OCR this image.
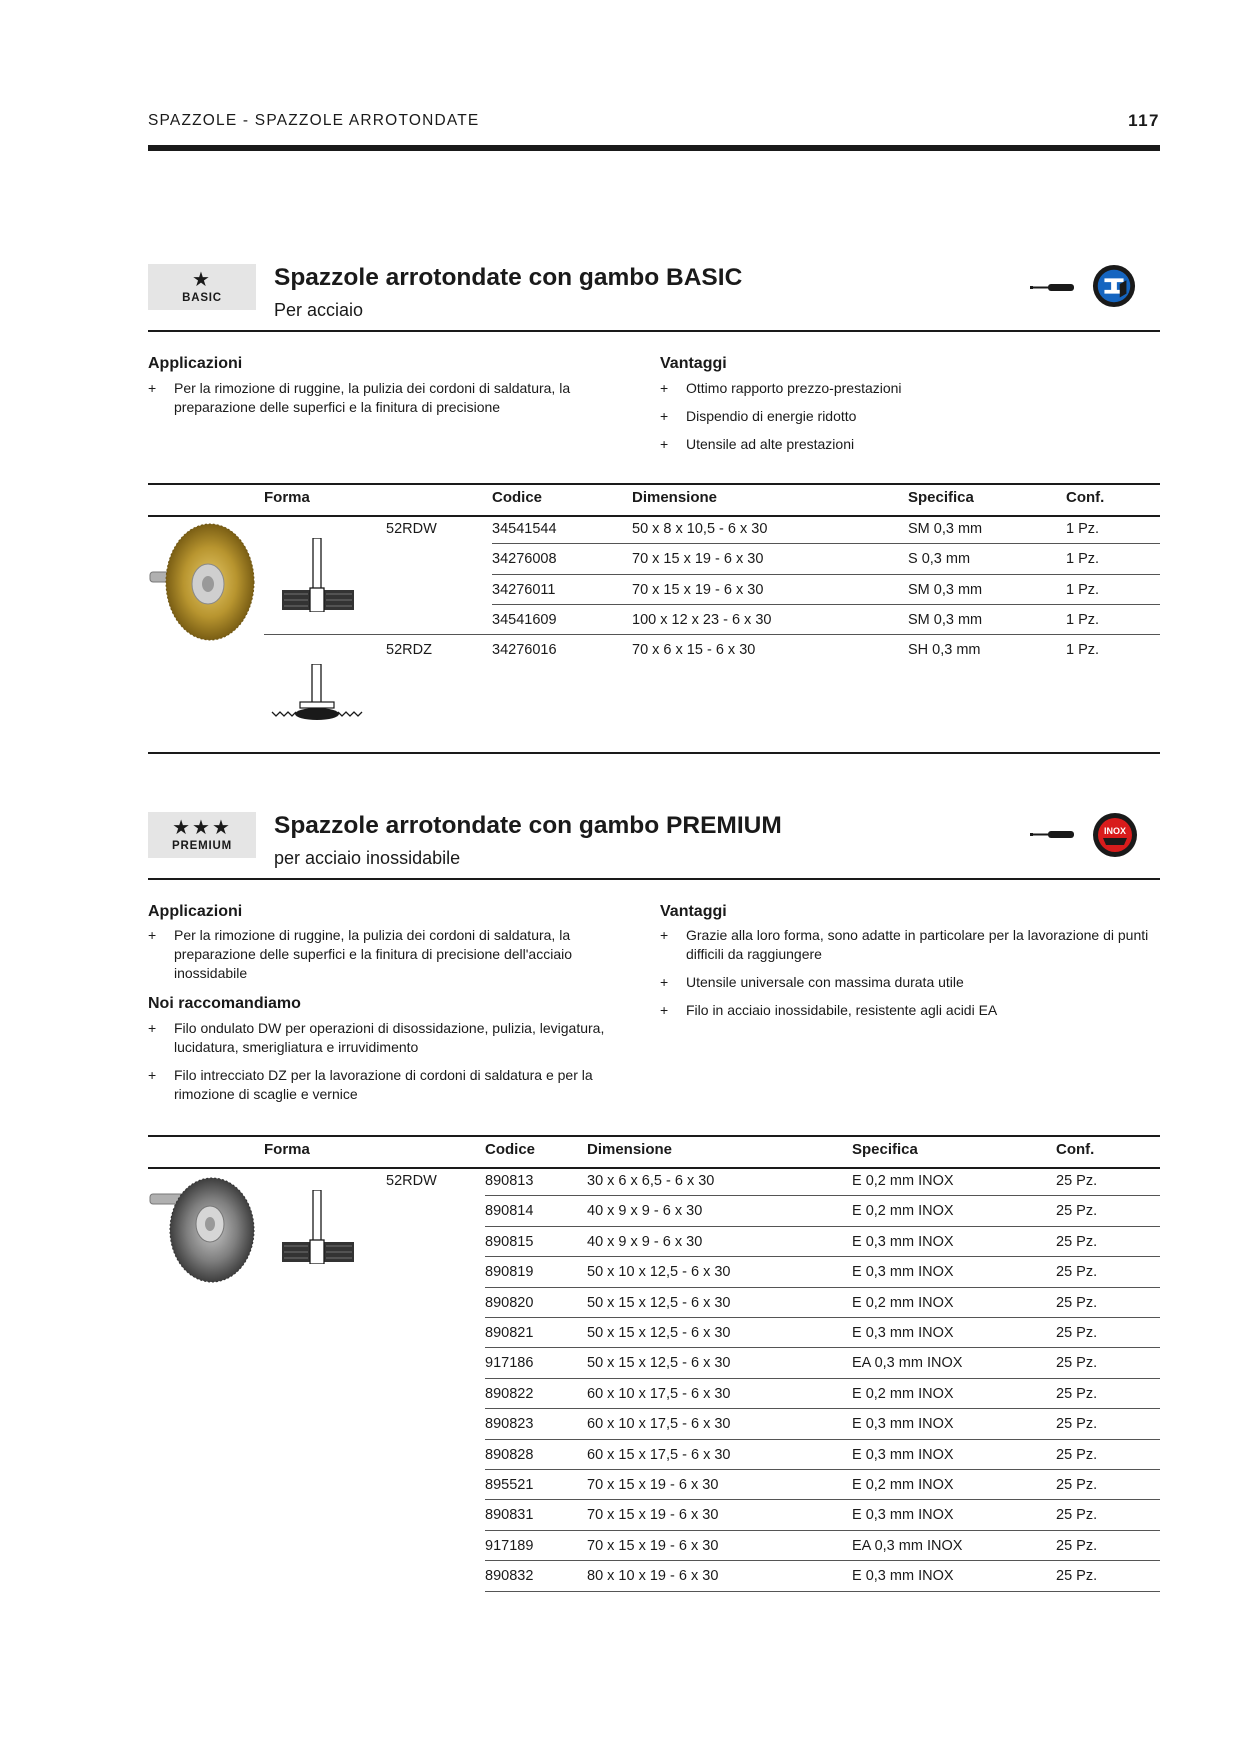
SPAZZOLE - SPAZZOLE ARROTONDATE	117
★
BASIC
Spazzole arrotondate con gambo BASIC
Per acciaio
Applicazioni
+ Per la rimozione di ruggine, la pulizia dei cordoni di saldatura, la preparazione delle superfici e la finitura di precisione
Vantaggi
+ Ottimo rapporto prezzo-prestazioni
+ Dispendio di energie ridotto
+ Utensile ad alte prestazioni
Forma	Codice	Dimensione	Specifica	Conf.
52RDW	34541544	50 x 8 x 10,5 - 6 x 30	SM 0,3 mm	1 Pz.
34276008	70 x 15 x 19 - 6 x 30	S 0,3 mm	1 Pz.
34276011	70 x 15 x 19 - 6 x 30	SM 0,3 mm	1 Pz.
34541609	100 x 12 x 23 - 6 x 30	SM 0,3 mm	1 Pz.
52RDZ	34276016	70 x 6 x 15 - 6 x 30	SH 0,3 mm	1 Pz.
★★★
PREMIUM
Spazzole arrotondate con gambo PREMIUM
per acciaio inossidabile
INOX
Applicazioni
+ Per la rimozione di ruggine, la pulizia dei cordoni di saldatura, la preparazione delle superfici e la finitura di precisione dell'acciaio inossidabile
Noi raccomandiamo
+ Filo ondulato DW per operazioni di disossidazione, pulizia, levigatura, lucidatura, smerigliatura e irruvidimento
+ Filo intrecciato DZ per la lavorazione di cordoni di saldatura e per la rimozione di scaglie e vernice
Vantaggi
+ Grazie alla loro forma, sono adatte in particolare per la lavorazione di punti difficili da raggiungere
+ Utensile universale con massima durata utile
+ Filo in acciaio inossidabile, resistente agli acidi EA
Forma	Codice	Dimensione	Specifica	Conf.
52RDW	890813	30 x 6 x 6,5 - 6 x 30	E 0,2 mm INOX	25 Pz.
890814	40 x 9 x 9 - 6 x 30	E 0,2 mm INOX	25 Pz.
890815	40 x 9 x 9 - 6 x 30	E 0,3 mm INOX	25 Pz.
890819	50 x 10 x 12,5 - 6 x 30	E 0,3 mm INOX	25 Pz.
890820	50 x 15 x 12,5 - 6 x 30	E 0,2 mm INOX	25 Pz.
890821	50 x 15 x 12,5 - 6 x 30	E 0,3 mm INOX	25 Pz.
917186	50 x 15 x 12,5 - 6 x 30	EA 0,3 mm INOX	25 Pz.
890822	60 x 10 x 17,5 - 6 x 30	E 0,2 mm INOX	25 Pz.
890823	60 x 10 x 17,5 - 6 x 30	E 0,3 mm INOX	25 Pz.
890828	60 x 15 x 17,5 - 6 x 30	E 0,3 mm INOX	25 Pz.
895521	70 x 15 x 19 - 6 x 30	E 0,2 mm INOX	25 Pz.
890831	70 x 15 x 19 - 6 x 30	E 0,3 mm INOX	25 Pz.
917189	70 x 15 x 19 - 6 x 30	EA 0,3 mm INOX	25 Pz.
890832	80 x 10 x 19 - 6 x 30	E 0,3 mm INOX	25 Pz.
